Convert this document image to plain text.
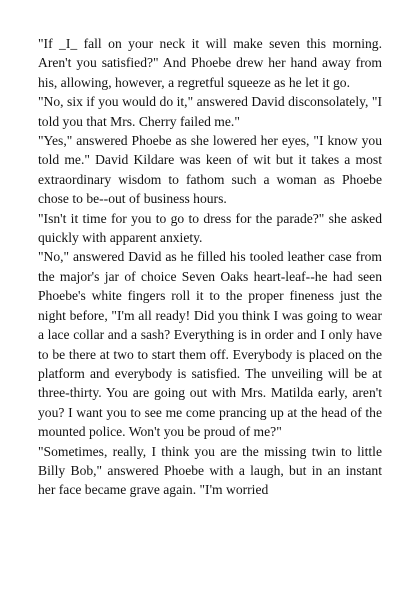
"If _I_ fall on your neck it will make seven this morning. Aren't you satisfied?" And Phoebe drew her hand away from his, allowing, however, a regretful squeeze as he let it go.

"No, six if you would do it," answered David disconsolately, "I told you that Mrs. Cherry failed me."

"Yes," answered Phoebe as she lowered her eyes, "I know you told me." David Kildare was keen of wit but it takes a most extraordinary wisdom to fathom such a woman as Phoebe chose to be--out of business hours.

"Isn't it time for you to go to dress for the parade?" she asked quickly with apparent anxiety.

"No," answered David as he filled his tooled leather case from the major's jar of choice Seven Oaks heart-leaf--he had seen Phoebe's white fingers roll it to the proper fineness just the night before, "I'm all ready! Did you think I was going to wear a lace collar and a sash? Everything is in order and I only have to be there at two to start them off. Everybody is placed on the platform and everybody is satisfied. The unveiling will be at three-thirty. You are going out with Mrs. Matilda early, aren't you? I want you to see me come prancing up at the head of the mounted police. Won't you be proud of me?"

"Sometimes, really, I think you are the missing twin to little Billy Bob," answered Phoebe with a laugh, but in an instant her face became grave again. "I'm worried
